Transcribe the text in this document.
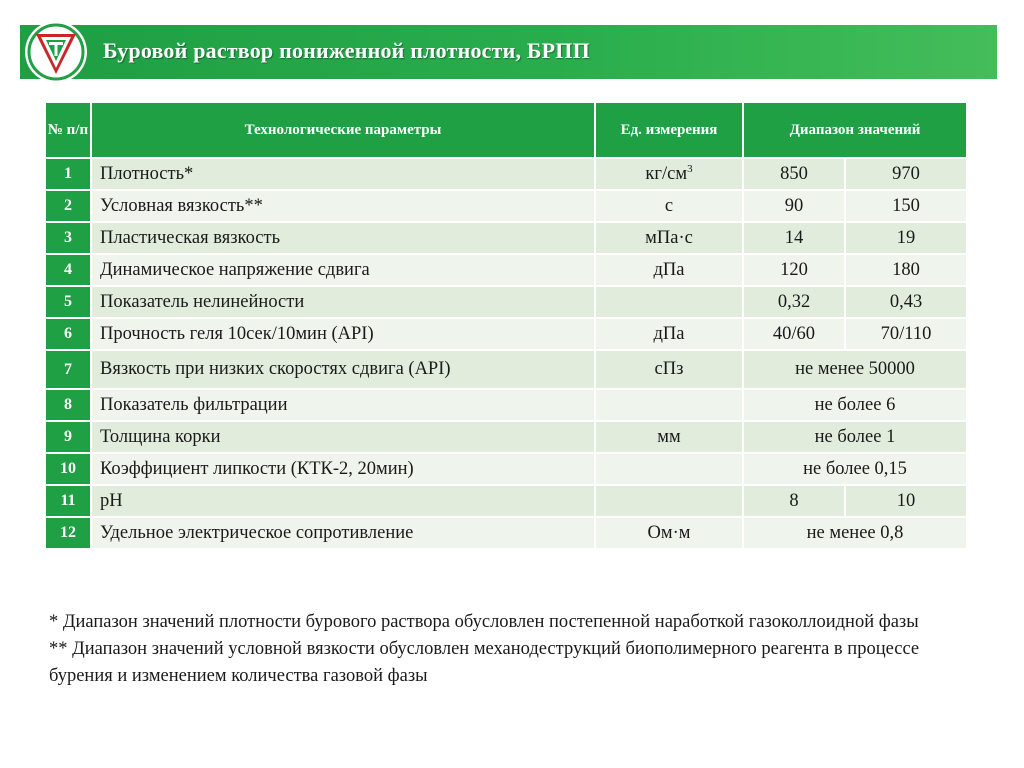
Буровой раствор пониженной плотности, БРПП
№ п/п	Технологические параметры	Ед. измерения	Диапазон значений	
1	Плотность*	$кг/см^3$	850	970
2	Условная вязкость**	с	90	150
3	Пластическая вязкость	мПа·с	14	19
4	Динамическое напряжение сдвига	дПа	120	180
5	Показатель нелинейности		0,32	0,43
6	Прочность геля 10сек/10мин (API)	дПа	40/60	70/110
7	Вязкость при низких скоростях сдвига (API)	сПз	не менее 50000	
8	Показатель фильтрации		не более 6	
9	Толщина корки	мм	не более 1	
10	Коэффициент липкости (КТК-2, 20мин)		не более 0,15	
11	pH		8	10
12	Удельное электрическое сопротивление	Ом·м	не менее 0,8	

* Диапазон значений плотности бурового раствора обусловлен постепенной наработкой газоколлоидной фазы

** Диапазон значений условной вязкости обусловлен механодеструкций биополимерного реагента в процессе бурения и изменением количества газовой фазы
